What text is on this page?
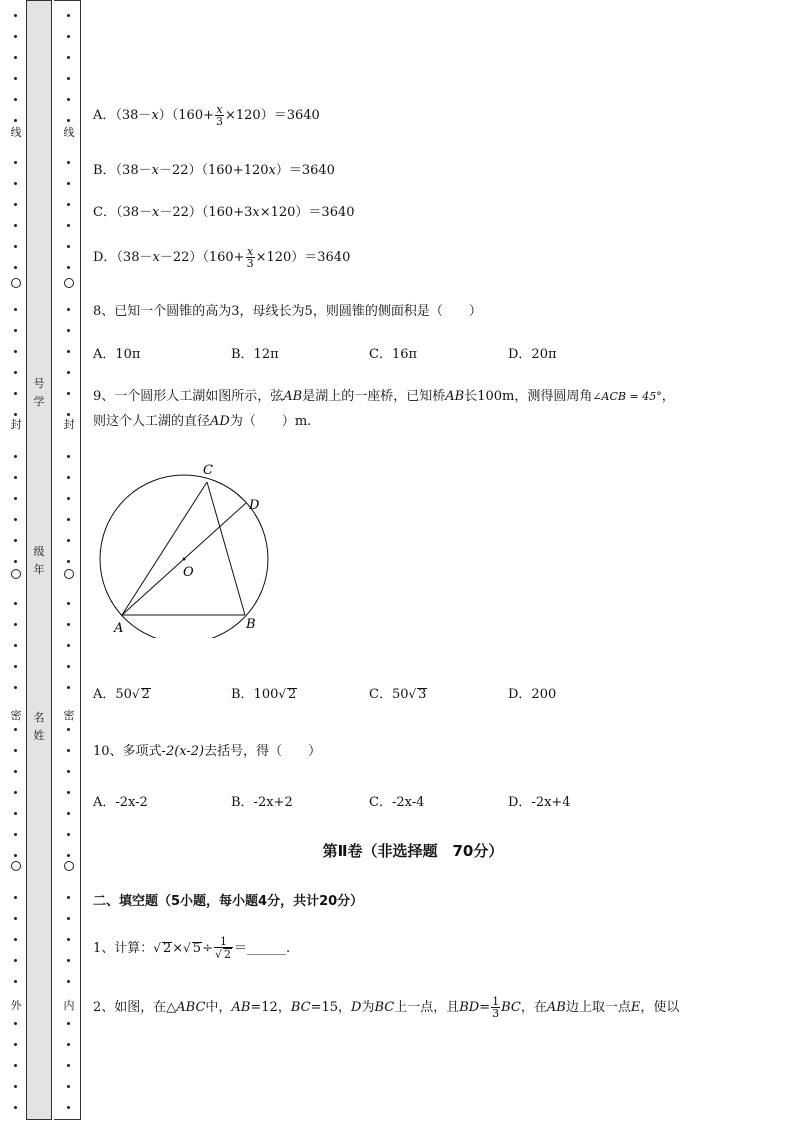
线
封
密
外
号
学
级
年
名
姓
线
封
密
内
A．$(38-x)(160+ \frac{x}{3} \times 120)=3640$
B．（38－x－22）（160+120x）＝3640
C．（38－x－22）（160+3x×120）＝3640
D．$(38-x-22)(160+ \frac{x}{3} \times 120)=3640$
8、已知一个圆锥的高为3，母线长为5，则圆锥的侧面积是（　　）
A．10π	B．12π	C．16π	D．20π
9、一个圆形人工湖如图所示，弦AB是湖上的一座桥，已知桥AB长100m，测得圆周角∠ACB = 45°，
则这个人工湖的直径AD为（　　）m.
C
D
O
A	B
A．50√ 2	B．100√ 2	C．50√ 3	D．200
10、多项式-2(x-2)去括号，得（　　）
A．-2x-2	B．-2x+2	C．-2x-4	D．-2x+4
第Ⅱ卷（非选择题　70分）
二、填空题（5小题，每小题4分，共计20分）
1、计算：√ 2×√ $5\div \frac{1}{√ 2}$ ＝______.
2、如图，在△ABC中，AB=12，BC=15，D为BC上一点，且$BD= \frac{1}{3}$ BC，在AB边上取一点E，使以
